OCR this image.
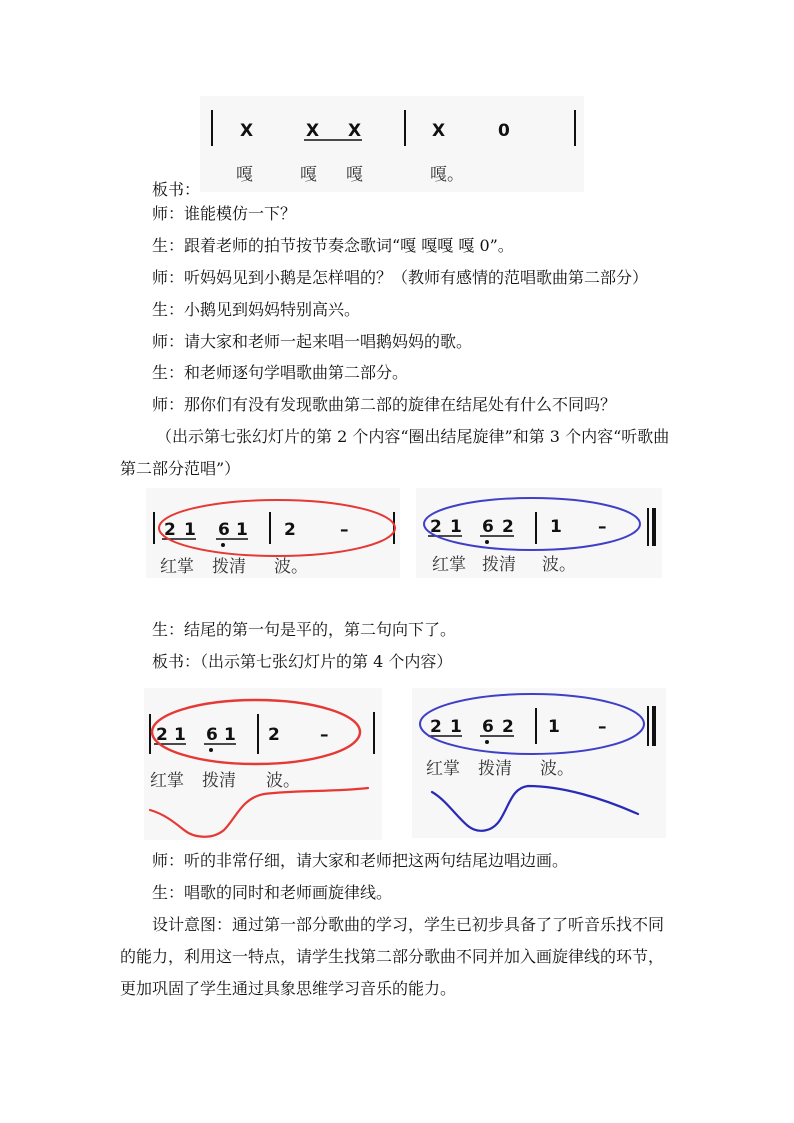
X	X X	X	0
嘎	嘎 嘎	嘎。
板书：
师：谁能模仿一下？
生：跟着老师的拍节按节奏念歌词“嘎 嘎嘎 嘎 0”。
师：听妈妈见到小鹅是怎样唱的？（教师有感情的范唱歌曲第二部分）
生：小鹅见到妈妈特别高兴。
师：请大家和老师一起来唱一唱鹅妈妈的歌。
生：和老师逐句学唱歌曲第二部分。
师：那你们有没有发现歌曲第二部的旋律在结尾处有什么不同吗？
（出示第七张幻灯片的第 2 个内容“圈出结尾旋律”和第 3 个内容“听歌曲第二部分范唱”）
2 1 6 1 2	–
红掌 拨清 波。
2 1 6 2 1 –
红掌 拨清 波。
生：结尾的第一句是平的，第二句向下了。
板书：（出示第七张幻灯片的第 4 个内容）
2 1 6 1 2 –
红掌 拨清 波。
2 1 6 2 1 –
红掌 拨清 波。
师：听的非常仔细，请大家和老师把这两句结尾边唱边画。
生：唱歌的同时和老师画旋律线。
设计意图：通过第一部分歌曲的学习，学生已初步具备了了听音乐找不同的能力，利用这一特点，请学生找第二部分歌曲不同并加入画旋律线的环节，更加巩固了学生通过具象思维学习音乐的能力。
